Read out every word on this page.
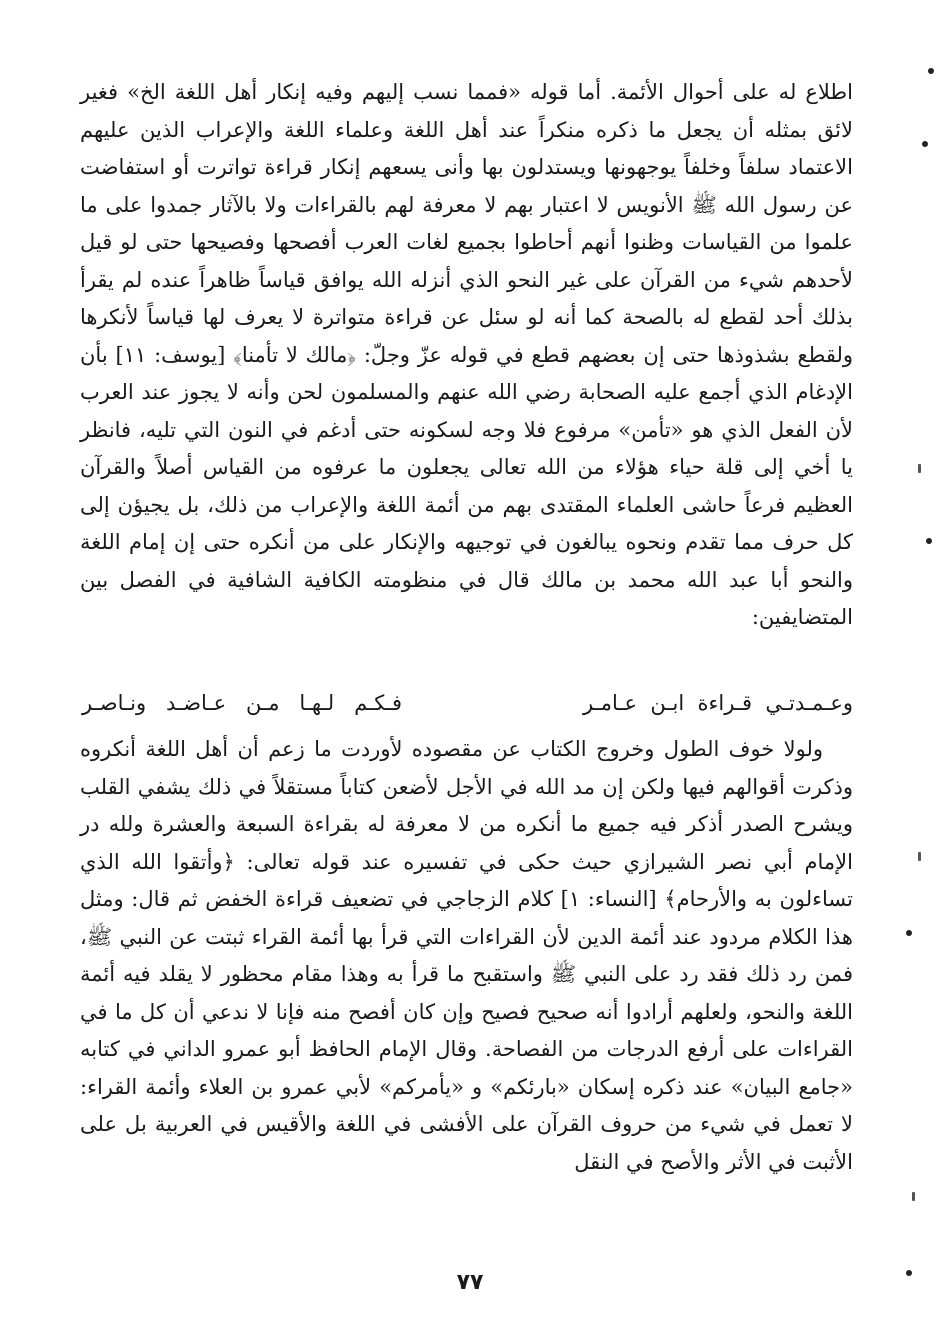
اطلاع له على أحوال الأئمة. أما قوله «فمما نسب إليهم وفيه إنكار أهل اللغة الخ» فغير لائق بمثله أن يجعل ما ذكره منكراً عند أهل اللغة وعلماء اللغة والإعراب الذين عليهم الاعتماد سلفاً وخلفاً يوجهونها ويستدلون بها وأنى يسعهم إنكار قراءة تواترت أو استفاضت عن رسول الله ﷺ الأنويس لا اعتبار بهم لا معرفة لهم بالقراءات ولا بالآثار جمدوا على ما علموا من القياسات وظنوا أنهم أحاطوا بجميع لغات العرب أفصحها وفصيحها حتى لو قيل لأحدهم شيء من القرآن على غير النحو الذي أنزله الله يوافق قياساً ظاهراً عنده لم يقرأ بذلك أحد لقطع له بالصحة كما أنه لو سئل عن قراءة متواترة لا يعرف لها قياساً لأنكرها ولقطع بشذوذها حتى إن بعضهم قطع في قوله عزّ وجلّ: ﴿مالك لا تأمنا﴾ [يوسف: ١١] بأن الإدغام الذي أجمع عليه الصحابة رضي الله عنهم والمسلمون لحن وأنه لا يجوز عند العرب لأن الفعل الذي هو «تأمن» مرفوع فلا وجه لسكونه حتى أدغم في النون التي تليه، فانظر يا أخي إلى قلة حياء هؤلاء من الله تعالى يجعلون ما عرفوه من القياس أصلاً والقرآن العظيم فرعاً حاشى العلماء المقتدى بهم من أئمة اللغة والإعراب من ذلك، بل يجيؤن إلى كل حرف مما تقدم ونحوه يبالغون في توجيهه والإنكار على من أنكره حتى إن إمام اللغة والنحو أبا عبد الله محمد بن مالك قال في منظومته الكافية الشافية في الفصل بين المتضايفين:

وعـمـدتـي قـراءة ابـن عـامـر
فـكـم لـهـا مـن عـاضـد ونـاصـر

ولولا خوف الطول وخروج الكتاب عن مقصوده لأوردت ما زعم أن أهل اللغة أنكروه وذكرت أقوالهم فيها ولكن إن مد الله في الأجل لأضعن كتاباً مستقلاً في ذلك يشفي القلب ويشرح الصدر أذكر فيه جميع ما أنكره من لا معرفة له بقراءة السبعة والعشرة ولله در الإمام أبي نصر الشيرازي حيث حكى في تفسيره عند قوله تعالى: ﴿وأتقوا الله الذي تساءلون به والأرحام﴾ [النساء: ١] كلام الزجاجي في تضعيف قراءة الخفض ثم قال: ومثل هذا الكلام مردود عند أئمة الدين لأن القراءات التي قرأ بها أئمة القراء ثبتت عن النبي ﷺ، فمن رد ذلك فقد رد على النبي ﷺ واستقبح ما قرأ به وهذا مقام محظور لا يقلد فيه أئمة اللغة والنحو، ولعلهم أرادوا أنه صحيح فصيح وإن كان أفصح منه فإنا لا ندعي أن كل ما في القراءات على أرفع الدرجات من الفصاحة. وقال الإمام الحافظ أبو عمرو الداني في كتابه «جامع البيان» عند ذكره إسكان «بارئكم» و «يأمركم» لأبي عمرو بن العلاء وأئمة القراء: لا تعمل في شيء من حروف القرآن على الأفشى في اللغة والأقيس في العربية بل على الأثبت في الأثر والأصح في النقل

٧٧
